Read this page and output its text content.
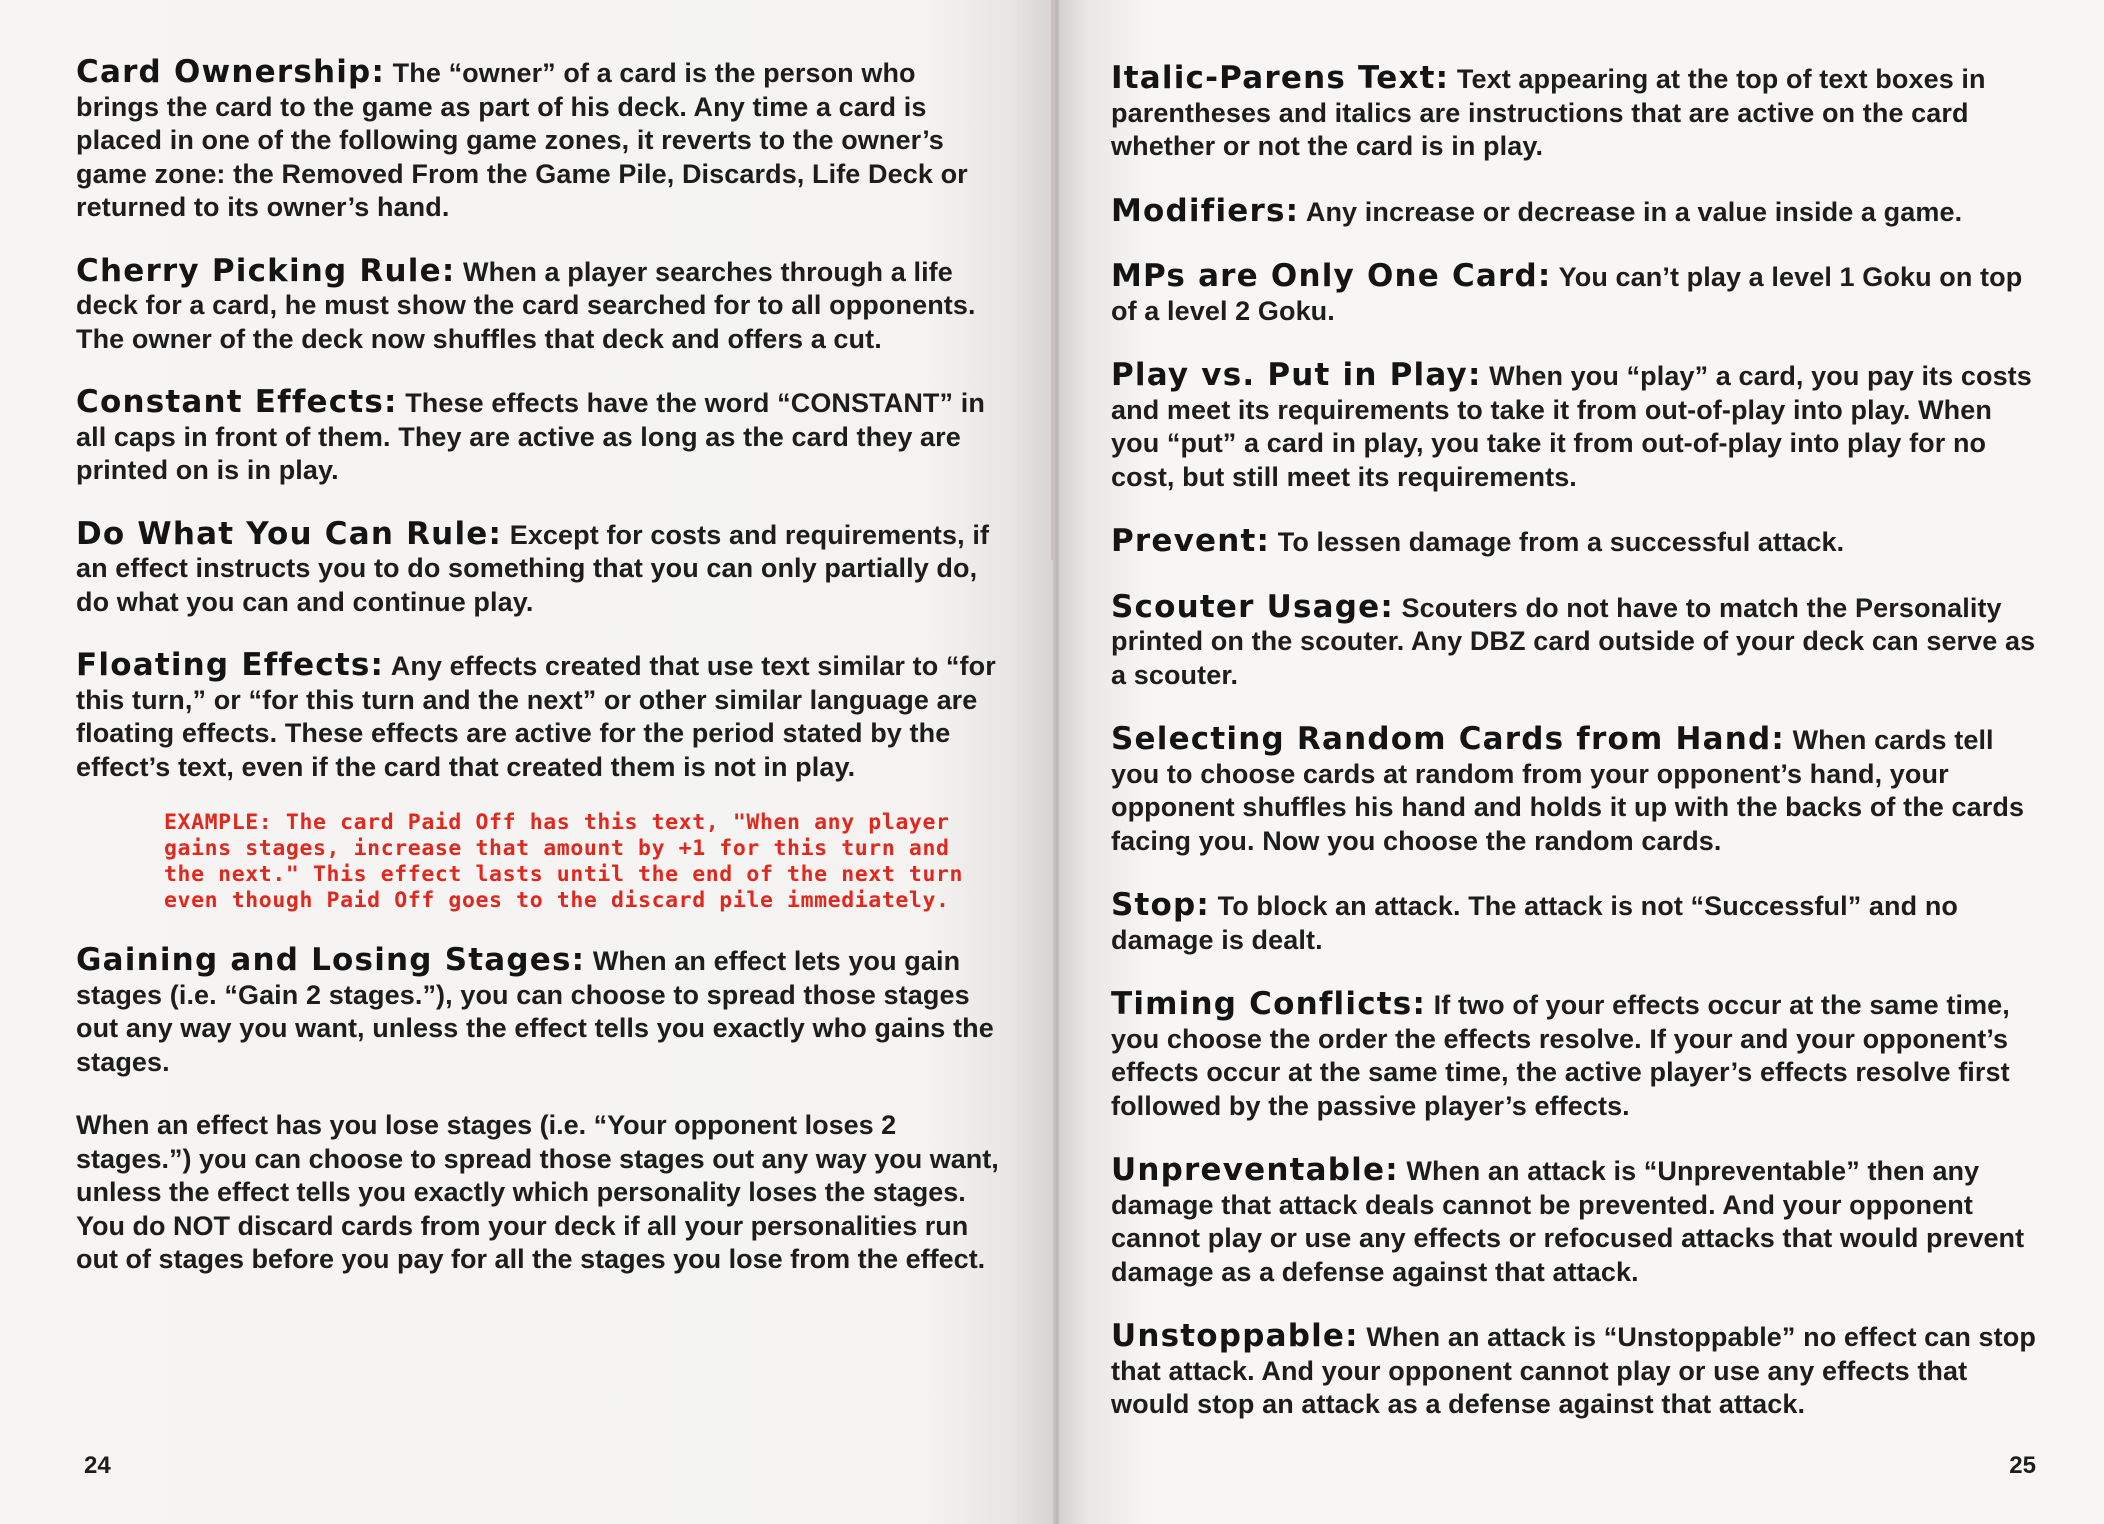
Card Ownership: The “owner” of a card is the person who brings the card to the game as part of his deck. Any time a card is placed in one of the following game zones, it reverts to the owner’s game zone: the Removed From the Game Pile, Discards, Life Deck or returned to its owner’s hand.
Cherry Picking Rule: When a player searches through a life deck for a card, he must show the card searched for to all opponents. The owner of the deck now shuffles that deck and offers a cut.
Constant Effects: These effects have the word “CONSTANT” in all caps in front of them. They are active as long as the card they are printed on is in play.
Do What You Can Rule: Except for costs and requirements, if an effect instructs you to do something that you can only partially do, do what you can and continue play.
Floating Effects: Any effects created that use text similar to “for this turn,” or “for this turn and the next” or other similar language are floating effects. These effects are active for the period stated by the effect’s text, even if the card that created them is not in play.
EXAMPLE: The card Paid Off has this text, "When any player gains stages, increase that amount by +1 for this turn and the next." This effect lasts until the end of the next turn even though Paid Off goes to the discard pile immediately.
Gaining and Losing Stages: When an effect lets you gain stages (i.e. “Gain 2 stages.”), you can choose to spread those stages out any way you want, unless the effect tells you exactly who gains the stages.
When an effect has you lose stages (i.e. “Your opponent loses 2 stages.”) you can choose to spread those stages out any way you want, unless the effect tells you exactly which personality loses the stages. You do NOT discard cards from your deck if all your personalities run out of stages before you pay for all the stages you lose from the effect.
24
Italic-Parens Text: Text appearing at the top of text boxes in parentheses and italics are instructions that are active on the card whether or not the card is in play.
Modifiers: Any increase or decrease in a value inside a game.
MPs are Only One Card: You can’t play a level 1 Goku on top of a level 2 Goku.
Play vs. Put in Play: When you “play” a card, you pay its costs and meet its requirements to take it from out-of-play into play. When you “put” a card in play, you take it from out-of-play into play for no cost, but still meet its requirements.
Prevent: To lessen damage from a successful attack.
Scouter Usage: Scouters do not have to match the Personality printed on the scouter. Any DBZ card outside of your deck can serve as a scouter.
Selecting Random Cards from Hand: When cards tell you to choose cards at random from your opponent’s hand, your opponent shuffles his hand and holds it up with the backs of the cards facing you. Now you choose the random cards.
Stop: To block an attack. The attack is not “Successful” and no damage is dealt.
Timing Conflicts: If two of your effects occur at the same time, you choose the order the effects resolve. If your and your opponent’s effects occur at the same time, the active player’s effects resolve first followed by the passive player’s effects.
Unpreventable: When an attack is “Unpreventable” then any damage that attack deals cannot be prevented. And your opponent cannot play or use any effects or refocused attacks that would prevent damage as a defense against that attack.
Unstoppable: When an attack is “Unstoppable” no effect can stop that attack. And your opponent cannot play or use any effects that would stop an attack as a defense against that attack.
25
